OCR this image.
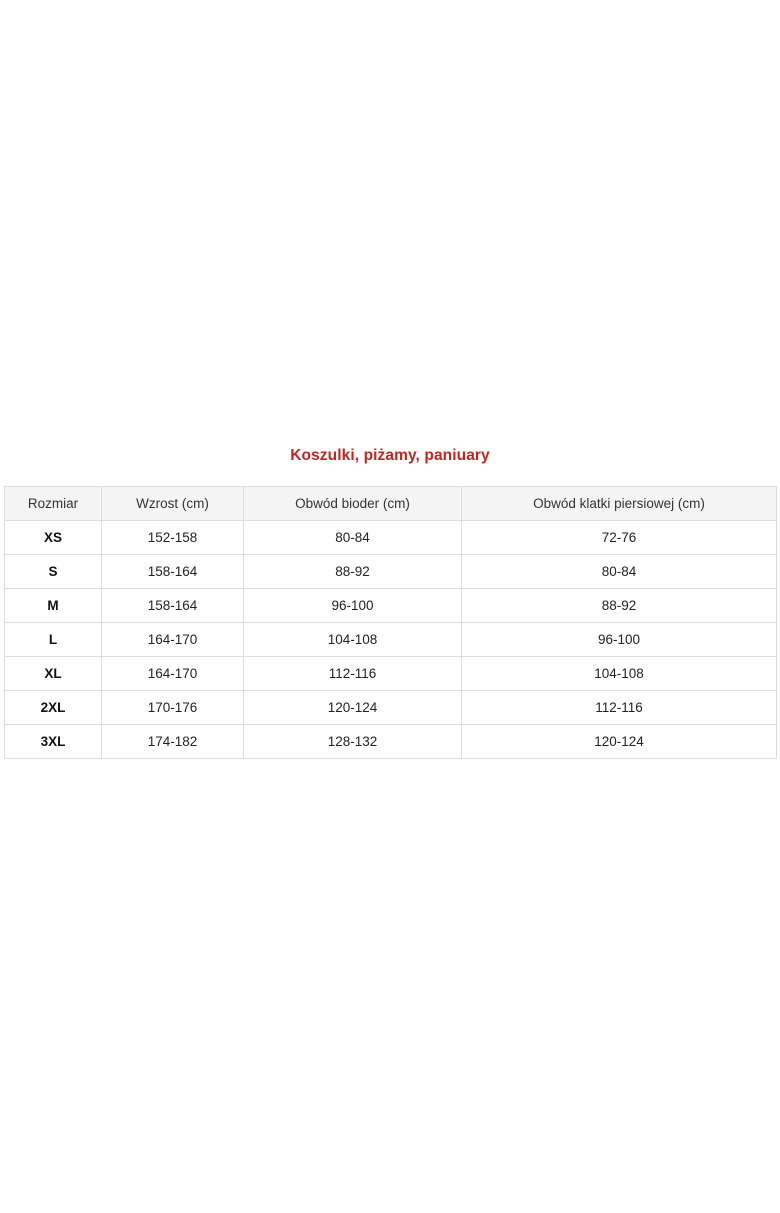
Koszulki, piżamy, paniuary
Rozmiar	Wzrost (cm)	Obwód bioder (cm)	Obwód klatki piersiowej (cm)
XS	152-158	80-84	72-76
S	158-164	88-92	80-84
M	158-164	96-100	88-92
L	164-170	104-108	96-100
XL	164-170	112-116	104-108
2XL	170-176	120-124	112-116
3XL	174-182	128-132	120-124
